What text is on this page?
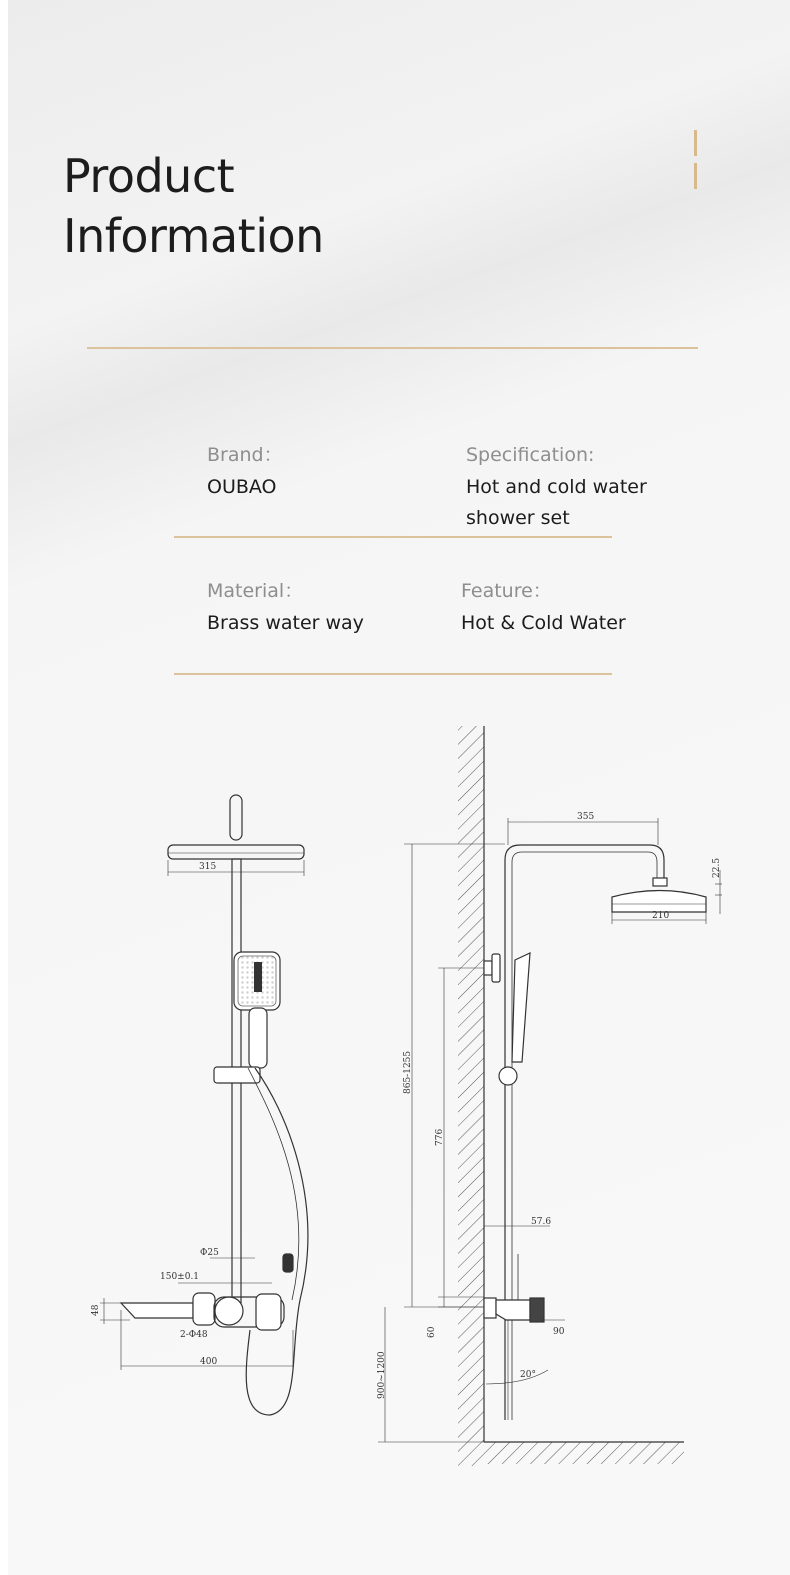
Product
Information
Brand：
OUBAO
Specification:
Hot and cold water
shower set
Material：
Brass water way
Feature：
Hot & Cold Water
315
Φ25
150±0.1
48
2-Φ48
400
355
22.5
210
865-1255
776
57.6
60	90
900~1200	20°
